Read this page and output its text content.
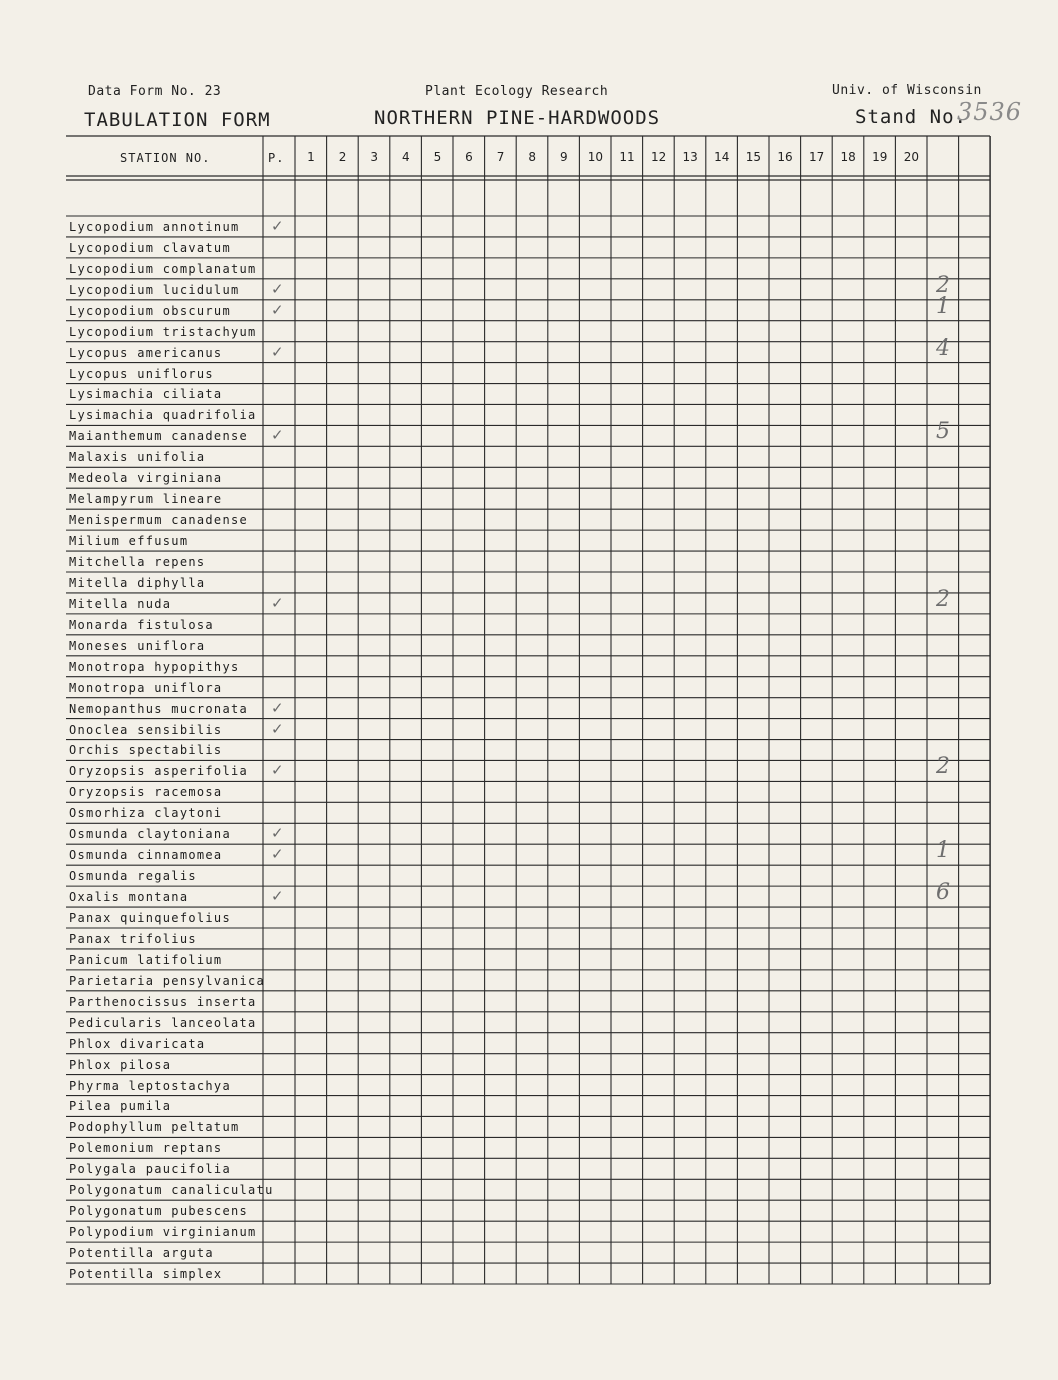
Data Form No. 23	Plant Ecology Research	Univ. of Wisconsin
TABULATION FORM	NORTHERN PINE-HARDWOODS	Stand No.
3536
STATION NO.	P.	1	2	3	4	5	6	7	8	9	10	11	12	13	14	15	16	17	18	19	20
Lycopodium annotinum ✓
Lycopodium clavatum
Lycopodium complanatum
Lycopodium lucidulum ✓	2
Lycopodium obscurum	✓	1
Lycopodium tristachyum
Lycopus americanus	✓	4
Lycopus uniflorus
Lysimachia ciliata
Lysimachia quadrifolia
Maianthemum canadense ✓	5
Malaxis unifolia
Medeola virginiana
Melampyrum lineare
Menispermum canadense
Milium effusum
Mitchella repens
Mitella diphylla
Mitella nuda	✓	2
Monarda fistulosa
Moneses uniflora
Monotropa hypopithys
Monotropa uniflora
Nemopanthus mucronata ✓
Onoclea sensibilis	✓
Orchis spectabilis
Oryzopsis asperifolia ✓	2
Oryzopsis racemosa
Osmorhiza claytoni
Osmunda claytoniana	✓
Osmunda cinnamomea	✓	1
Osmunda regalis
Oxalis montana	✓	6
Panax quinquefolius
Panax trifolius
Panicum latifolium
Parietaria pensylvanica
Parthenocissus inserta
Pedicularis lanceolata
Phlox divaricata
Phlox pilosa
Phyrma leptostachya
Pilea pumila
Podophyllum peltatum
Polemonium reptans
Polygala paucifolia
Polygonatum canaliculatu
Polygonatum pubescens
Polypodium virginianum
Potentilla arguta
Potentilla simplex
